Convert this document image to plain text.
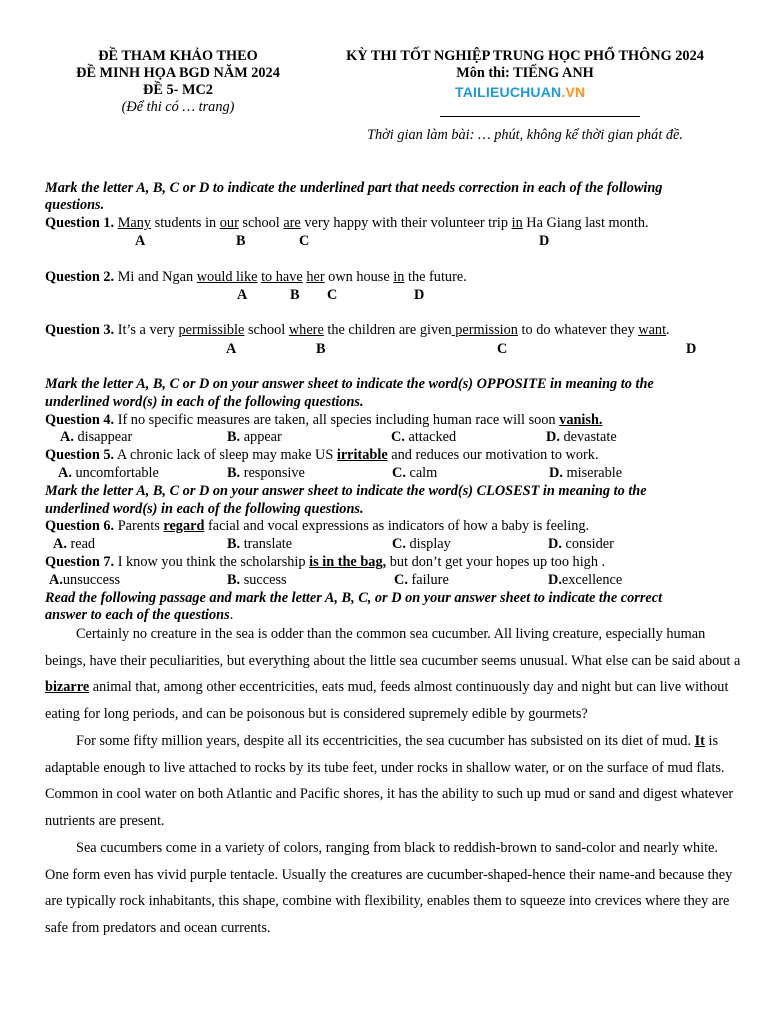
ĐỀ THAM KHẢO THEO
ĐỀ MINH HỌA BGD NĂM 2024
ĐỀ 5- MC2
(Để thi có … trang)
KỲ THI TỐT NGHIỆP TRUNG HỌC PHỔ THÔNG 2024
Môn thi: TIẾNG ANH
TAILIEUCHUAN.VN
Thời gian làm bài: … phút, không kể thời gian phát đề.
Mark the letter A, B, C or D to indicate the underlined part that needs correction in each of the following
questions.
Question 1. Many students in our school are very happy with their volunteer trip in Ha Giang last month.
A	B	C	D
Question 2. Mi and Ngan would like to have her own house in the future.
A	B C	D
Question 3. It’s a very permissible school where the children are given permission to do whatever they want.
A	B	C	D
Mark the letter A, B, C or D on your answer sheet to indicate the word(s) OPPOSITE in meaning to the
underlined word(s) in each of the following questions.
Question 4. If no specific measures are taken, all species including human race will soon vanish.
A. disappear	B. appear	C. attacked	D. devastate
Question 5. A chronic lack of sleep may make US irritable and reduces our motivation to work.
A. uncomfortable	B. responsive	C. calm	D. miserable
Mark the letter A, B, C or D on your answer sheet to indicate the word(s) CLOSEST in meaning to the
underlined word(s) in each of the following questions.
Question 6. Parents regard facial and vocal expressions as indicators of how a baby is feeling.
A. read	B. translate	C. display	D. consider
Question 7. I know you think the scholarship is in the bag, but don’t get your hopes up too high .
A.unsuccess	B. success	C. failure	D.excellence
Read the following passage and mark the letter A, B, C, or D on your answer sheet to indicate the correct
answer to each of the questions.
Certainly no creature in the sea is odder than the common sea cucumber. All living creature, especially human beings, have their peculiarities, but everything about the little sea cucumber seems unusual. What else can be said about a bizarre animal that, among other eccentricities, eats mud, feeds almost continuously day and night but can live without eating for long periods, and can be poisonous but is considered supremely edible by gourmets?
For some fifty million years, despite all its eccentricities, the sea cucumber has subsisted on its diet of mud. It is adaptable enough to live attached to rocks by its tube feet, under rocks in shallow water, or on the surface of mud flats. Common in cool water on both Atlantic and Pacific shores, it has the ability to such up mud or sand and digest whatever nutrients are present.
Sea cucumbers come in a variety of colors, ranging from black to reddish-brown to sand-color and nearly white. One form even has vivid purple tentacle. Usually the creatures are cucumber-shaped-hence their name-and because they are typically rock inhabitants, this shape, combine with flexibility, enables them to squeeze into crevices where they are safe from predators and ocean currents.
